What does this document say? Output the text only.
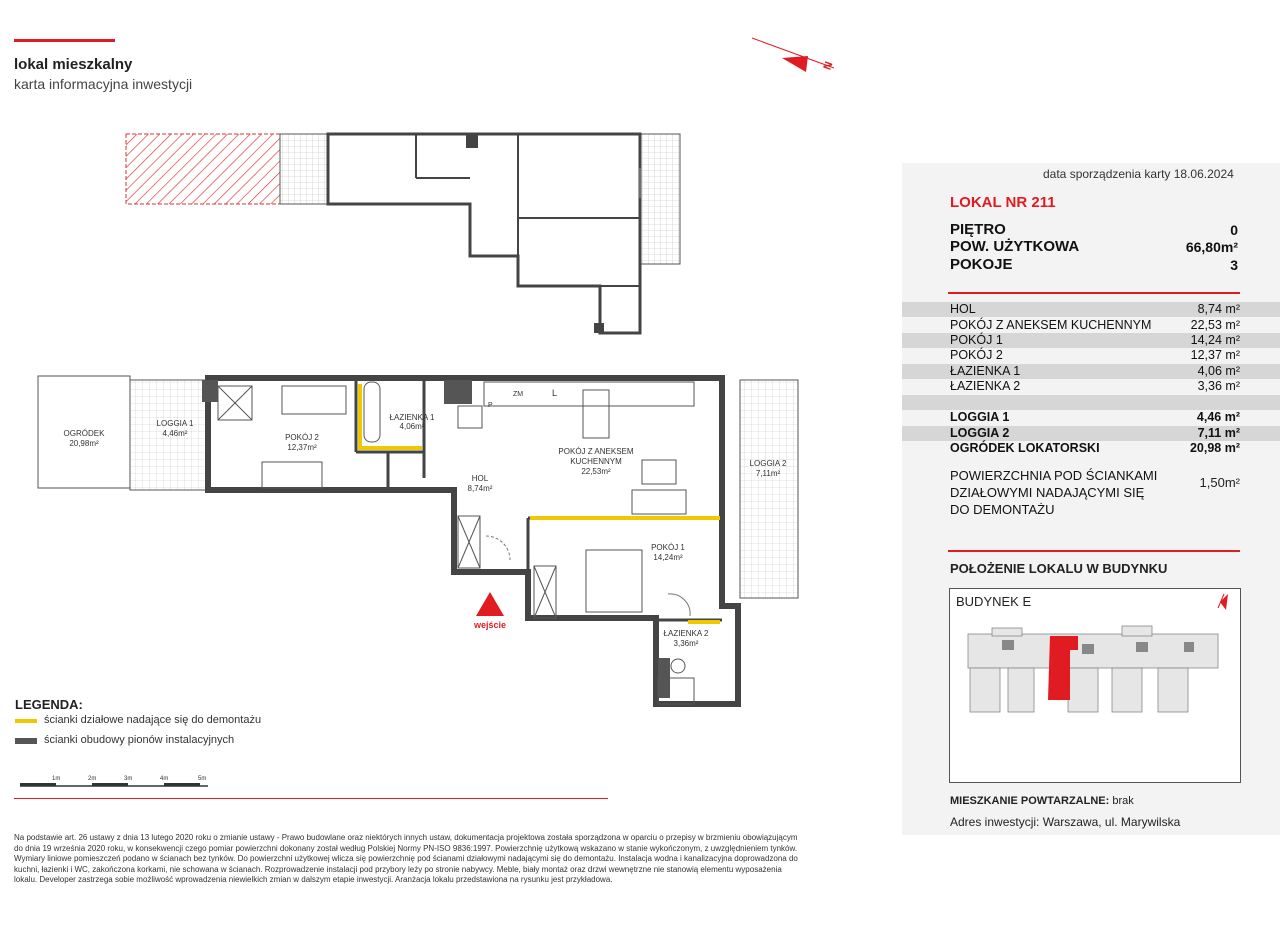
lokal mieszkalny
karta informacyjna inwestycji
N
P
ZM	L
OGRÓDEK
20,98m²
LOGGIA 1
4,46m²	POKÓJ 2
12,37m²
ŁAZIENKA 1
4,06m²
HOL
8,74m²
POKÓJ Z ANEKSEM
KUCHENNYM
22,53m²
LOGGIA 2
7,11m²
POKÓJ 1
14,24m²
ŁAZIENKA 2
3,36m²
wejście
LEGENDA:
ścianki działowe nadające się do demontażu
ścianki obudowy pionów instalacyjnych
1m	2m	3m	4m	5m
Na podstawie art. 26 ustawy z dnia 13 lutego 2020 roku o zmianie ustawy - Prawo budowlane oraz niektórych innych ustaw, dokumentacja projektowa została sporządzona w oparciu o przepisy w brzmieniu obowiązującym do dnia 19 września 2020 roku, w konsekwencji czego pomiar powierzchni dokonany został według Polskiej Normy PN-ISO 9836:1997. Powierzchnię użytkową wskazano w stanie wykończonym, z uwzględnieniem tynków. Wymiary liniowe pomieszczeń podano w ścianach bez tynków. Do powierzchni użytkowej wlicza się powierzchnię pod ścianami działowymi nadającymi się do demontażu. Instalacja wodna i kanalizacyjna doprowadzona do kuchni, łazienki i WC, zakończona korkami, nie schowana w ścianach. Rozprowadzenie instalacji pod przybory leży po stronie nabywcy. Meble, biały montaż oraz drzwi wewnętrzne nie stanowią elementu wyposażenia lokalu. Developer zastrzega sobie możliwość wprowadzenia niewielkich zmian w dalszym etapie inwestycji. Aranżacja lokalu przedstawiona na rysunku jest przykładowa.
data sporządzenia karty 18.06.2024
LOKAL NR 211
PIĘTRO	0
POW. UŻYTKOWA	66,80m²
POKOJE	3
HOL	8,74 m²
POKÓJ Z ANEKSEM KUCHENNYM	22,53 m²
POKÓJ 1	14,24 m²
POKÓJ 2	12,37 m²
ŁAZIENKA 1	4,06 m²
ŁAZIENKA 2	3,36 m²
LOGGIA 1	4,46 m²
LOGGIA 2	7,11 m²
OGRÓDEK LOKATORSKI	20,98 m²
POWIERZCHNIA POD ŚCIANKAMI
DZIAŁOWYMI NADAJĄCYMI SIĘ
DO DEMONTAŻU
1,50m²
POŁOŻENIE LOKALU W BUDYNKU
BUDYNEK E
MIESZKANIE POWTARZALNE: brak
Adres inwestycji: Warszawa, ul. Marywilska
